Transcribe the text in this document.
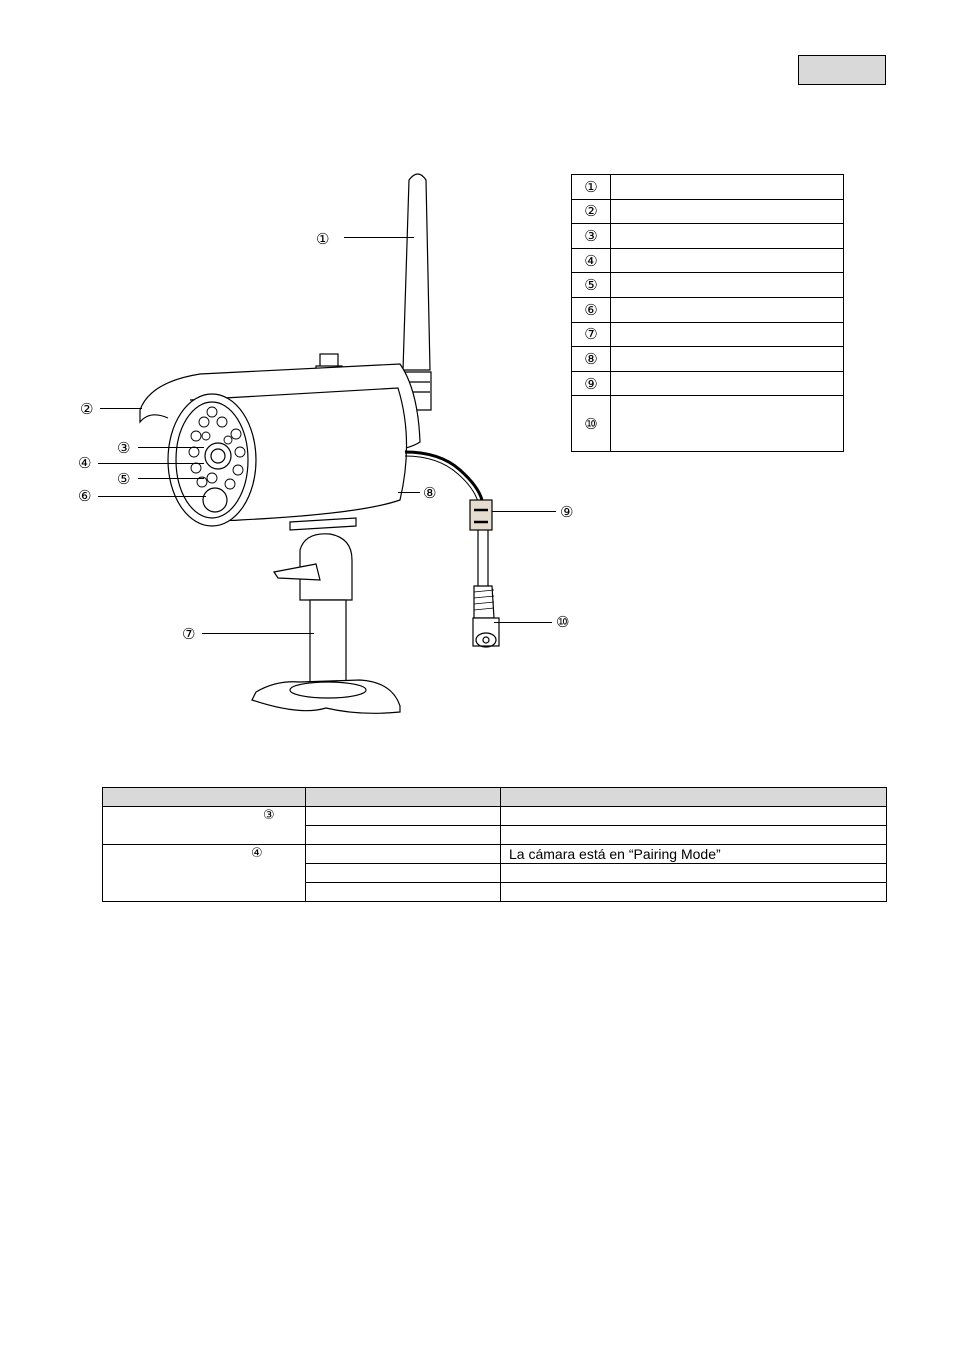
①
②
③
④
⑤
⑥
⑦
⑧
⑨
⑩
①	
②	
③	
④	
⑤	
⑥	
⑦	
⑧	
⑨	
⑩	

③		

④		La cámara está en “Pairing Mode”
